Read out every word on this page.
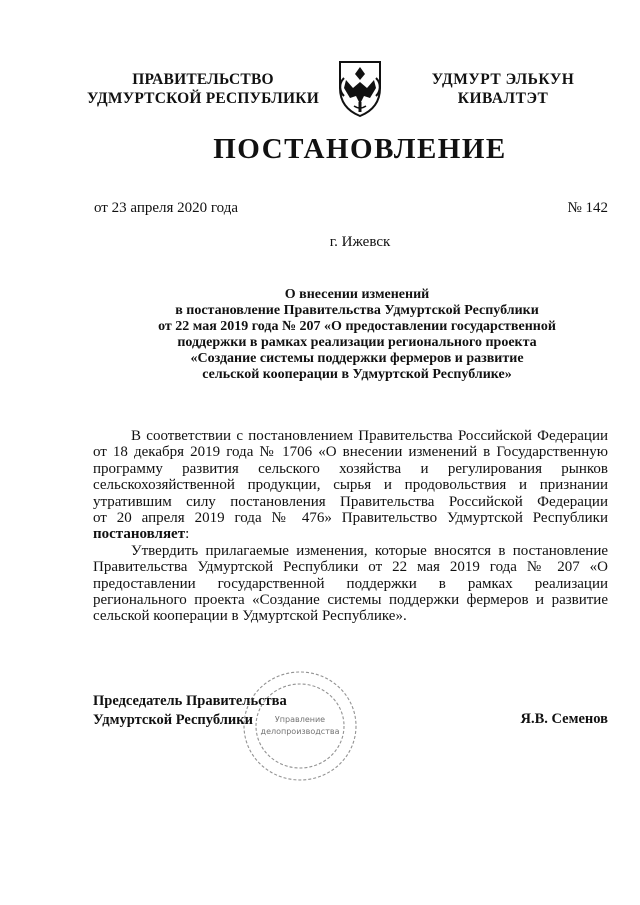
ПРАВИТЕЛЬСТВО
УДМУРТСКОЙ РЕСПУБЛИКИ
УДМУРТ ЭЛЬКУН
КИВАЛТЭТ
ПОСТАНОВЛЕНИЕ
от 23 апреля 2020 года	№ 142
г. Ижевск
О внесении изменений
в постановление Правительства Удмуртской Республики
от 22 мая 2019 года № 207 «О предоставлении государственной
поддержки в рамках реализации регионального проекта
«Создание системы поддержки фермеров и развитие
сельской кооперации в Удмуртской Республике»
В соответствии с постановлением Правительства Российской Федерации
от 18 декабря 2019 года № 1706 «О внесении изменений в Государственную
программу развития сельского хозяйства и регулирования рынков
сельскохозяйственной продукции, сырья и продовольствия и признании
утратившим силу постановления Правительства Российской Федерации
от 20 апреля 2019 года № 476» Правительство Удмуртской Республики
постановляет:
Утвердить прилагаемые изменения, которые вносятся в постановление
Правительства Удмуртской Республики от 22 мая 2019 года № 207 «О
предоставлении государственной поддержки в рамках реализации
регионального проекта «Создание системы поддержки фермеров и развитие
сельской кооперации в Удмуртской Республике».
Председатель Правительства
Удмуртской Республики	Управление
делопроизводства
Я.В. Семенов
